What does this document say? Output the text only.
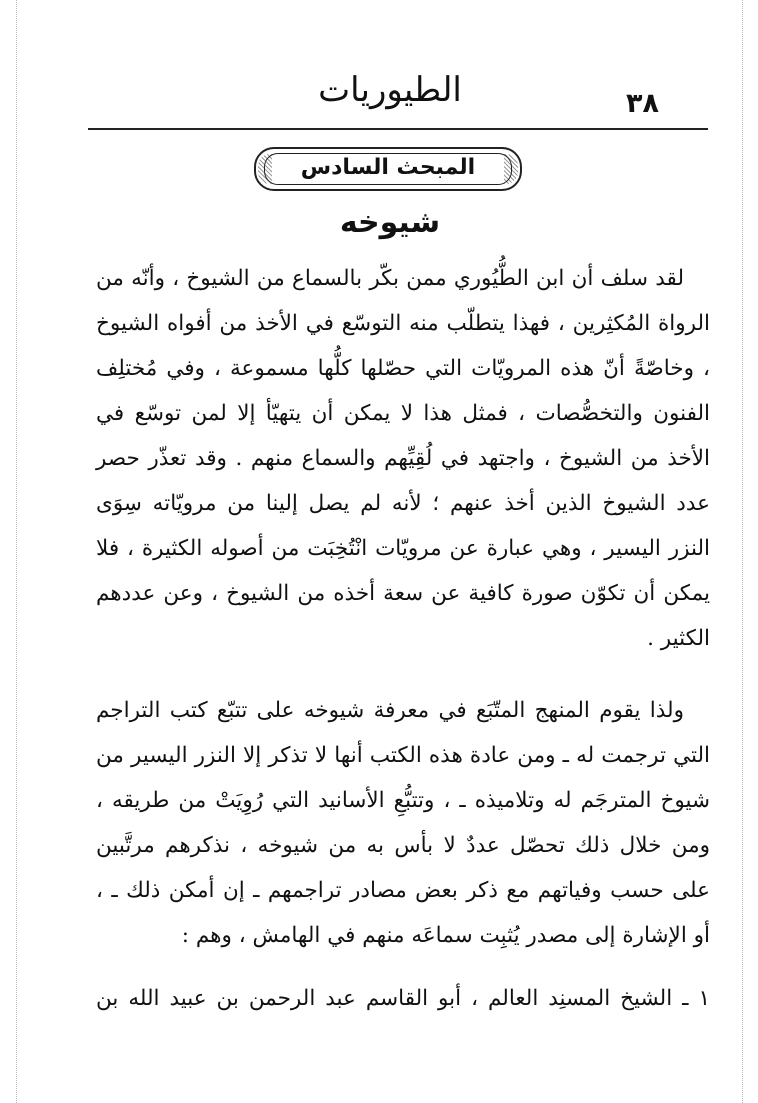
٣٨
الطيوريات
المبحث السادس
شيوخه
لقد سلف أن ابن الطُّيُوري ممن بكّر بالسماع من الشيوخ ، وأنّه من الرواة المُكثِرين ، فهذا يتطلّب منه التوسّع في الأخذ من أفواه الشيوخ ، وخاصّةً أنّ هذه المرويّات التي حصّلها كلُّها مسموعة ، وفي مُختلِف الفنون والتخصُّصات ، فمثل هذا لا يمكن أن يتهيّأ إلا لمن توسّع في الأخذ من الشيوخ ، واجتهد في لُقِيِّهم والسماع منهم . وقد تعذّر حصر عدد الشيوخ الذين أخذ عنهم ؛ لأنه لم يصل إلينا من مرويّاته سِوَى النزر اليسير ، وهي عبارة عن مرويّات انْتُخِبَت من أصوله الكثيرة ، فلا يمكن أن تكوّن صورة كافية عن سعة أخذه من الشيوخ ، وعن عددهم الكثير .
ولذا يقوم المنهج المتّبَع في معرفة شيوخه على تتبّع كتب التراجم التي ترجمت له ـ ومن عادة هذه الكتب أنها لا تذكر إلا النزر اليسير من شيوخ المترجَم له وتلاميذه ـ ، وتتبُّعِ الأسانيد التي رُوِيَتْ من طريقه ، ومن خلال ذلك تحصّل عددٌ لا بأس به من شيوخه ، نذكرهم مرتَّبين على حسب وفياتهم مع ذكر بعض مصادر تراجمهم ـ إن أمكن ذلك ـ ، أو الإشارة إلى مصدر يُثبِت سماعَه منهم في الهامش ، وهم :
١ ـ الشيخ المسنِد العالم ، أبو القاسم عبد الرحمن بن عبيد الله بن
